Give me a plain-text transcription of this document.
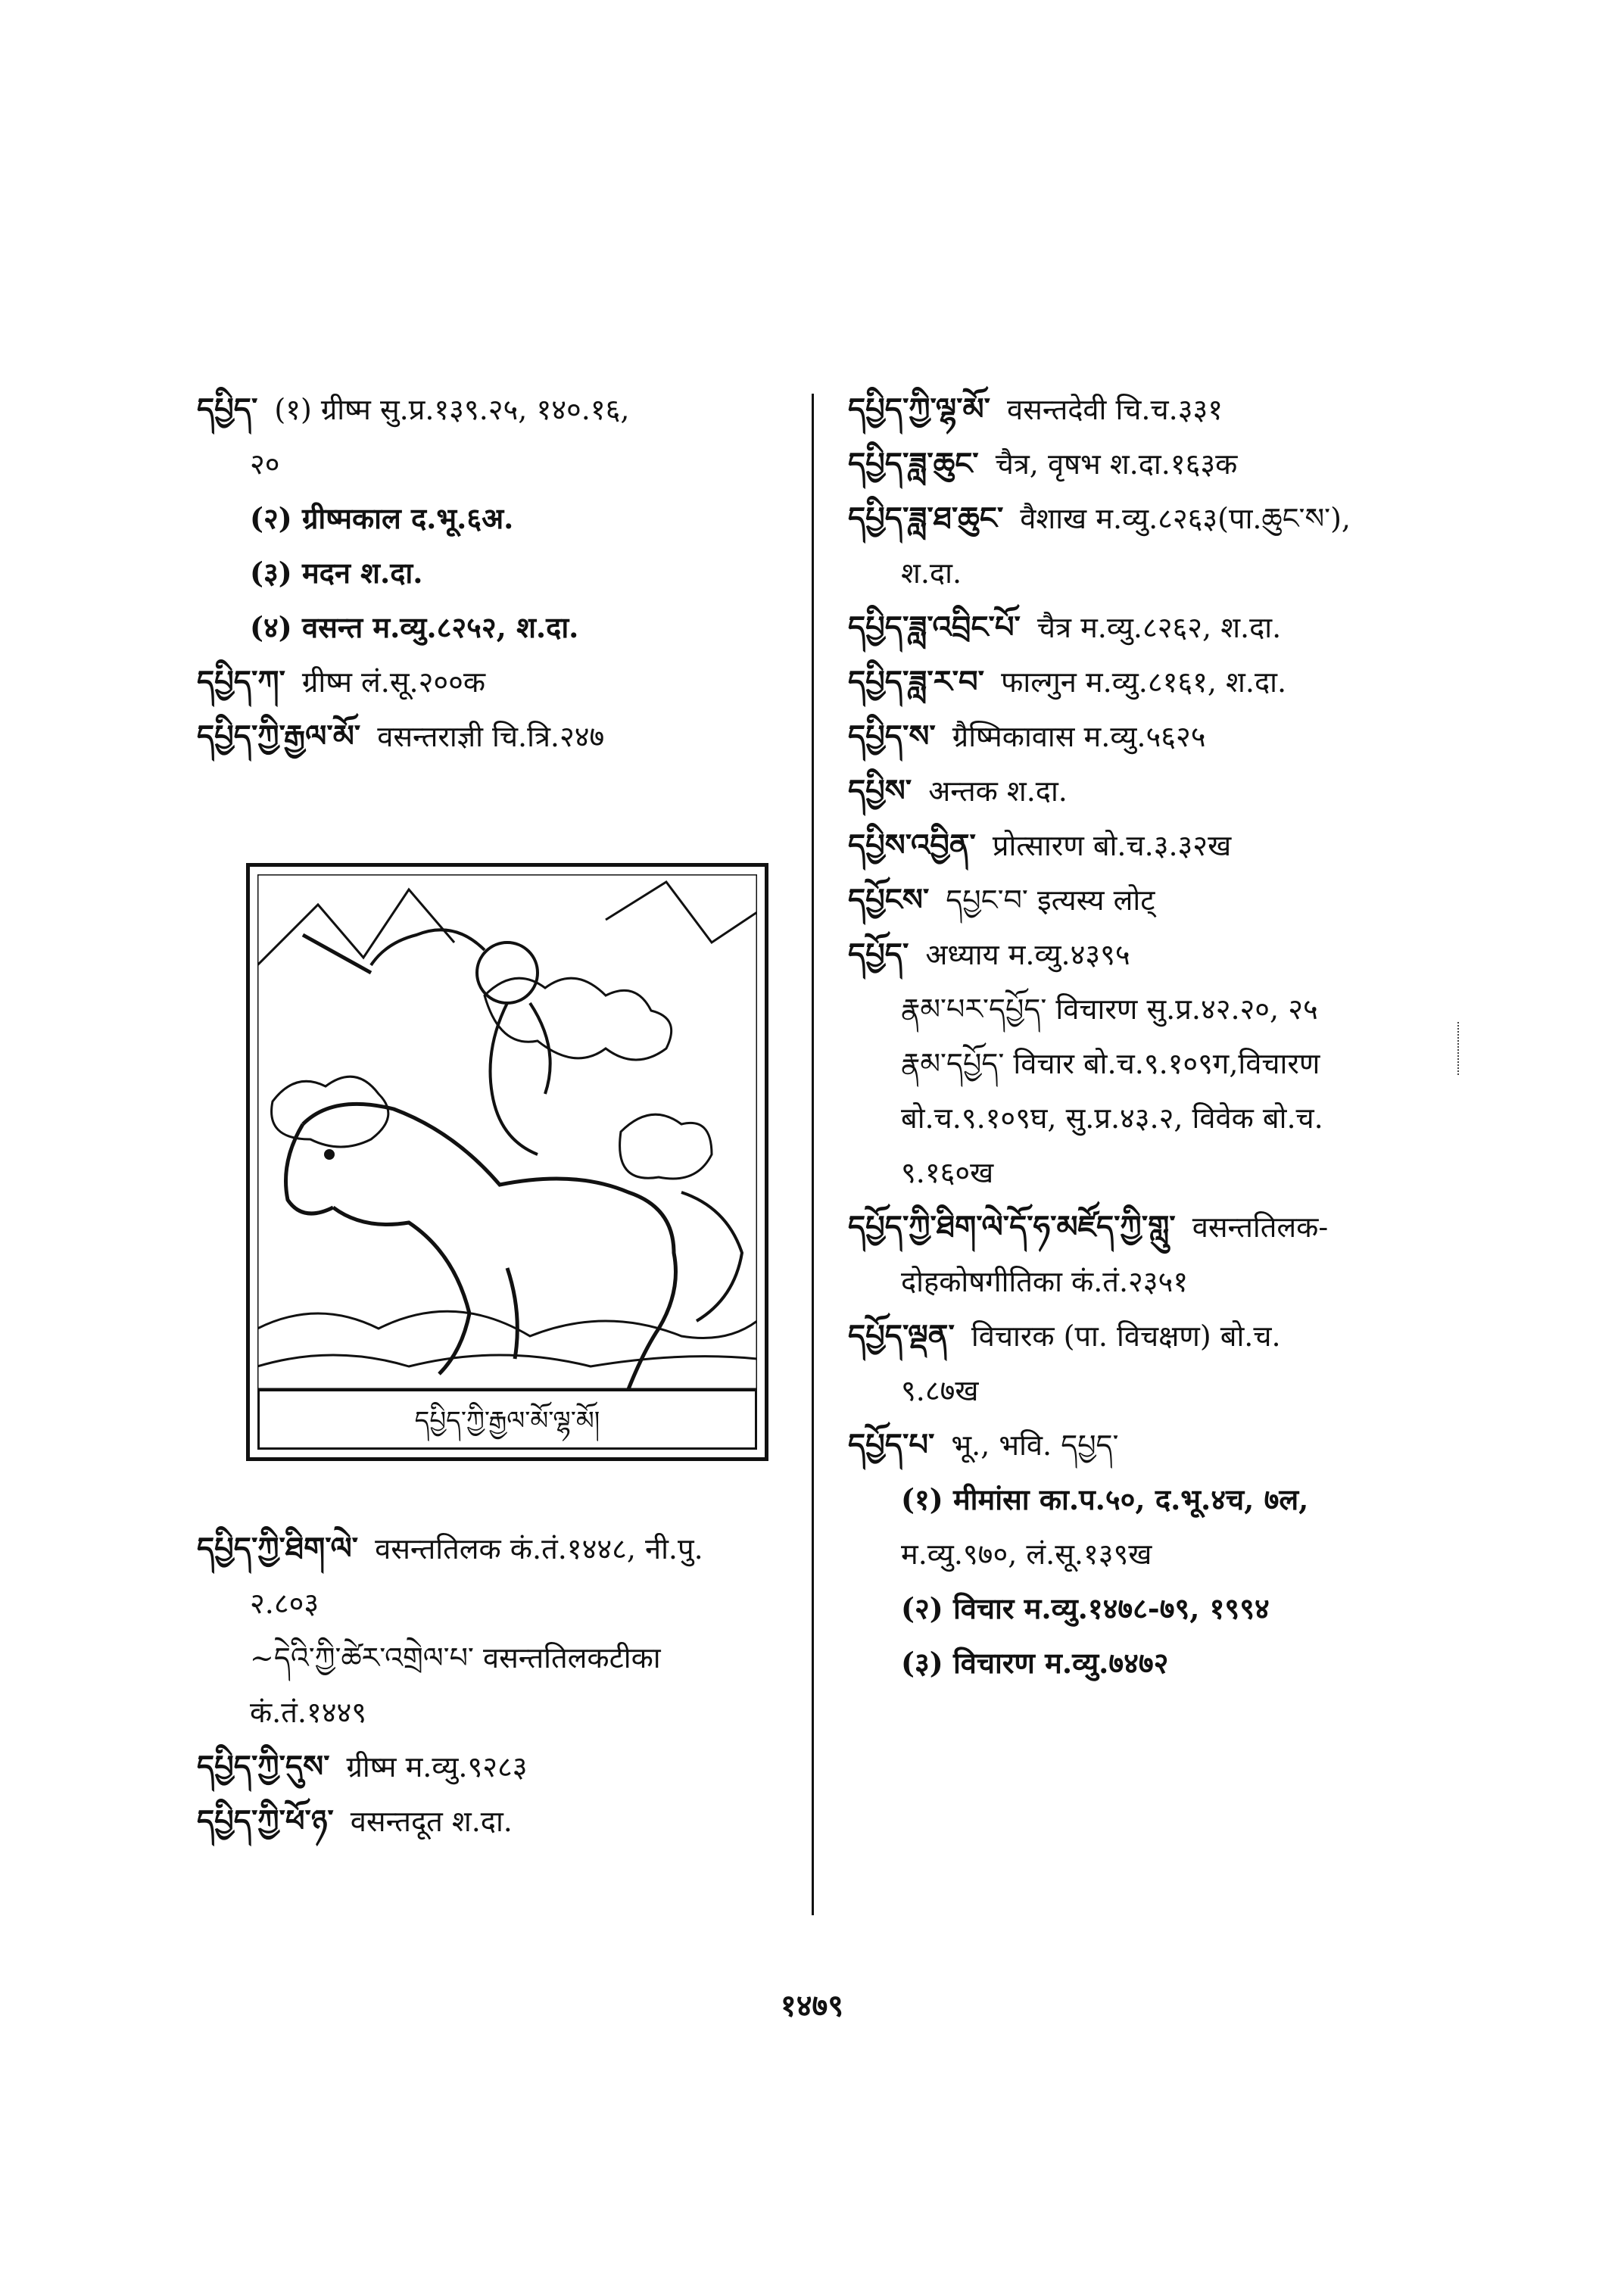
དཔྱིད་ (१) ग्रीष्म सु.प्र.१३९.२५, १४०.१६,
२०
(२) ग्रीष्मकाल द.भू.६अ.
(३) मदन श.दा.
(४) वसन्त म.व्यु.८२५२, श.दा.
དཔྱིད་ཀ་ ग्रीष्म लं.सू.२००क
དཔྱིད་ཀྱི་རྒྱལ་མོ་ वसन्तराज्ञी चि.त्रि.२४७
དཔྱིད་ཀྱི་རྒྱལ་མོ་ལྷ་མོ།
དཔྱིད་ཀྱི་ཐིག་ལེ་ वसन्ततिलक कं.तं.१४४८, नी.पु.
२.८०३
~དེའི་ཀྱི་ཚེར་འགྲེལ་པ་ वसन्ततिलकटीका
कं.तं.१४४९
དཔྱིད་ཀྱི་དུས་ ग्रीष्म म.व्यु.९२८३
དཔྱིད་ཀྱི་ཕོ་ཉ་ वसन्तदूत श.दा.
དཔྱིད་ཀྱི་ལྷ་མོ་ वसन्तदेवी चि.च.३३१
དཔྱིད་ཟླ་ཆུང་ चैत्र, वृषभ श.दा.१६३क
དཔྱིད་ཟླ་ཐ་ཆུང་ वैशाख म.व्यु.८२६३(पा.ཆུང་ས་),
श.दा.
དཔྱིད་ཟླ་འབྲིང་པོ་ चैत्र म.व्यु.८२६२, श.दा.
དཔྱིད་ཟླ་ར་བ་ फाल्गुन म.व्यु.८१६१, श.दा.
དཔྱིད་ས་ ग्रैष्मिकावास म.व्यु.५६२५
དཔྱིས་ अन्तक श.दा.
དཔྱིས་འབྱིན་ प्रोत्सारण बो.च.३.३२ख
དཔྱོངས་ དཔྱང་བ་ इत्यस्य लोट्
དཔྱོད་ अध्याय म.व्यु.४३९५
རྣམ་པར་དཔྱོད་ विचारण सु.प्र.४२.२०, २५
རྣམ་དཔྱོད་ विचार बो.च.९.१०९ग,विचारण
बो.च.९.१०९घ, सु.प्र.४३.२, विवेक बो.च.
९.१६०ख
དཔྱོད་ཀྱི་ཐིག་ལེ་དོ་ཧ་མཛོད་ཀྱི་གླུ་ वसन्ततिलक-
दोहकोषगीतिका कं.तं.२३५१
དཔྱོད་ལྡན་ विचारक (पा. विचक्षण) बो.च.
९.८७ख
དཔྱོད་པ་ भू., भवि. དཔྱད་
(१) मीमांसा का.प.५०, द.भू.४च, ७ल,
म.व्यु.९७०, लं.सू.१३९ख
(२) विचार म.व्यु.१४७८-७९, १९९४
(३) विचारण म.व्यु.७४७२
१४७९
